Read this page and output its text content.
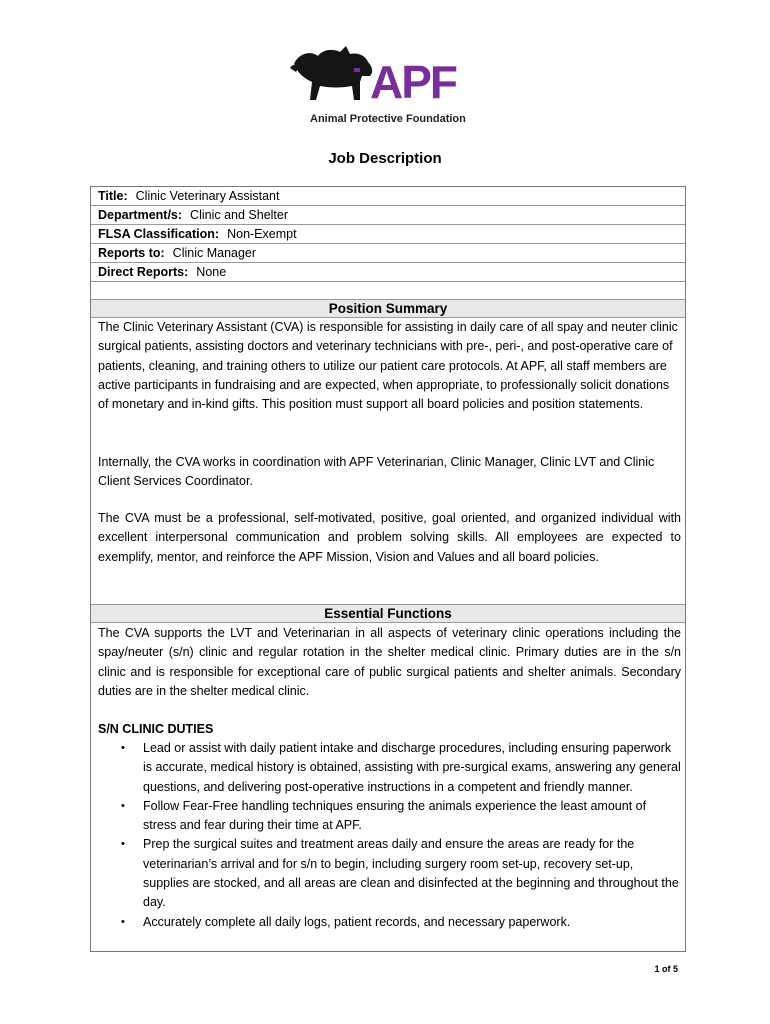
APF
Animal Protective Foundation
Job Description
Title: Clinic Veterinary Assistant
Department/s: Clinic and Shelter
FLSA Classification: Non-Exempt
Reports to: Clinic Manager
Direct Reports: None
Position Summary
The Clinic Veterinary Assistant (CVA) is responsible for assisting in daily care of all spay and neuter clinic surgical patients, assisting doctors and veterinary technicians with pre-, peri-, and post-operative care of patients, cleaning, and training others to utilize our patient care protocols. At APF, all staff members are active participants in fundraising and are expected, when appropriate, to professionally solicit donations of monetary and in-kind gifts. This position must support all board policies and position statements.
Internally, the CVA works in coordination with APF Veterinarian, Clinic Manager, Clinic LVT and Clinic Client Services Coordinator.
The CVA must be a professional, self-motivated, positive, goal oriented, and organized individual with excellent interpersonal communication and problem solving skills. All employees are expected to exemplify, mentor, and reinforce the APF Mission, Vision and Values and all board policies.
Essential Functions
The CVA supports the LVT and Veterinarian in all aspects of veterinary clinic operations including the spay/neuter (s/n) clinic and regular rotation in the shelter medical clinic. Primary duties are in the s/n clinic and is responsible for exceptional care of public surgical patients and shelter animals. Secondary duties are in the shelter medical clinic.
S/N CLINIC DUTIES
• Lead or assist with daily patient intake and discharge procedures, including ensuring paperwork is accurate, medical history is obtained, assisting with pre-surgical exams, answering any general questions, and delivering post-operative instructions in a competent and friendly manner.
• Follow Fear-Free handling techniques ensuring the animals experience the least amount of stress and fear during their time at APF.
• Prep the surgical suites and treatment areas daily and ensure the areas are ready for the veterinarian’s arrival and for s/n to begin, including surgery room set-up, recovery set-up, supplies are stocked, and all areas are clean and disinfected at the beginning and throughout the day.
• Accurately complete all daily logs, patient records, and necessary paperwork.
1 of 5
